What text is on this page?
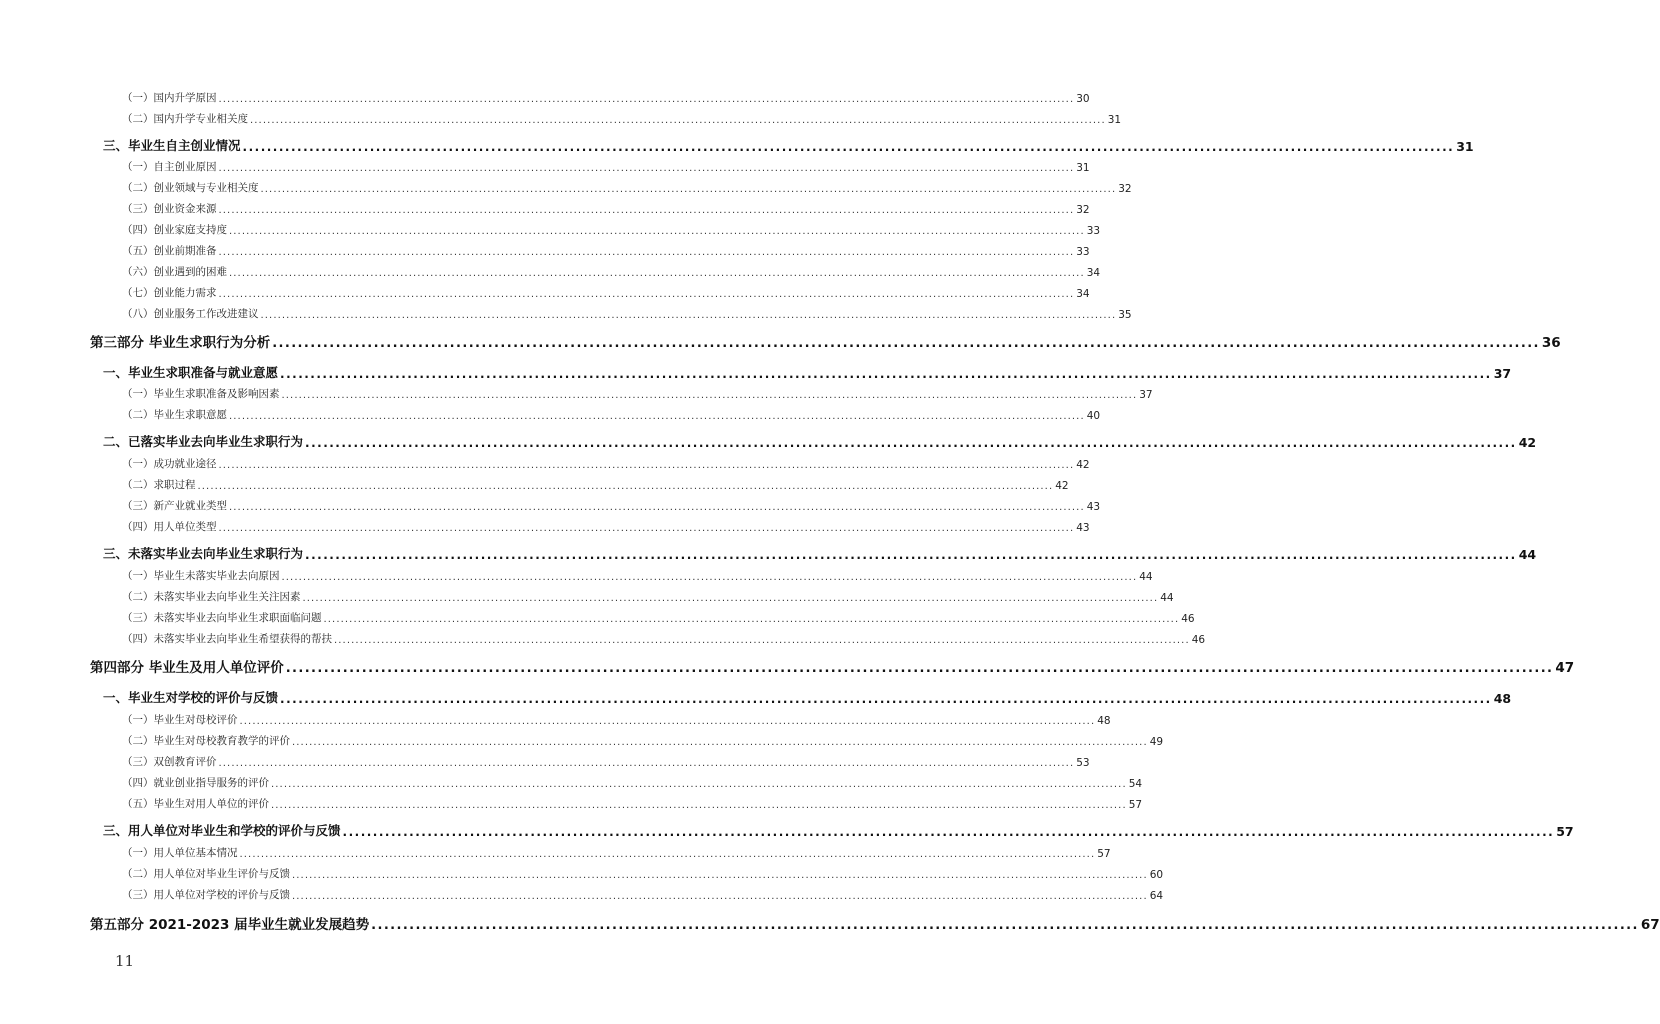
（一）国内升学原因 ........................................................................................................................................................................................................ 30
（二）国内升学专业相关度 ........................................................................................................................................................................................................ 31
三、毕业生自主创业情况 ........................................................................................................................................................................................................ 31
（一）自主创业原因 ........................................................................................................................................................................................................ 31
（二）创业领域与专业相关度 ........................................................................................................................................................................................................ 32
（三）创业资金来源 ........................................................................................................................................................................................................ 32
（四）创业家庭支持度 ........................................................................................................................................................................................................ 33
（五）创业前期准备 ........................................................................................................................................................................................................ 33
（六）创业遇到的困难 ........................................................................................................................................................................................................ 34
（七）创业能力需求 ........................................................................................................................................................................................................ 34
（八）创业服务工作改进建议 ........................................................................................................................................................................................................ 35
第三部分 毕业生求职行为分析 ........................................................................................................................................................................................................ 36
一、毕业生求职准备与就业意愿 ........................................................................................................................................................................................................ 37
（一）毕业生求职准备及影响因素 ........................................................................................................................................................................................................ 37
（二）毕业生求职意愿 ........................................................................................................................................................................................................ 40
二、已落实毕业去向毕业生求职行为 ........................................................................................................................................................................................................ 42
（一）成功就业途径 ........................................................................................................................................................................................................ 42
（二）求职过程 ........................................................................................................................................................................................................ 42
（三）新产业就业类型 ........................................................................................................................................................................................................ 43
（四）用人单位类型 ........................................................................................................................................................................................................ 43
三、未落实毕业去向毕业生求职行为 ........................................................................................................................................................................................................ 44
（一）毕业生未落实毕业去向原因 ........................................................................................................................................................................................................ 44
（二）未落实毕业去向毕业生关注因素 ........................................................................................................................................................................................................ 44
（三）未落实毕业去向毕业生求职面临问题 ........................................................................................................................................................................................................ 46
（四）未落实毕业去向毕业生希望获得的帮扶 ........................................................................................................................................................................................................ 46
第四部分 毕业生及用人单位评价 ........................................................................................................................................................................................................ 47
一、毕业生对学校的评价与反馈 ........................................................................................................................................................................................................ 48
（一）毕业生对母校评价 ........................................................................................................................................................................................................ 48
（二）毕业生对母校教育教学的评价 ........................................................................................................................................................................................................ 49
（三）双创教育评价 ........................................................................................................................................................................................................ 53
（四）就业创业指导服务的评价 ........................................................................................................................................................................................................ 54
（五）毕业生对用人单位的评价 ........................................................................................................................................................................................................ 57
三、用人单位对毕业生和学校的评价与反馈 ........................................................................................................................................................................................................ 57
（一）用人单位基本情况 ........................................................................................................................................................................................................ 57
（二）用人单位对毕业生评价与反馈 ........................................................................................................................................................................................................ 60
（三）用人单位对学校的评价与反馈 ........................................................................................................................................................................................................ 64
第五部分 2021-2023 届毕业生就业发展趋势 ........................................................................................................................................................................................................ 67
11
